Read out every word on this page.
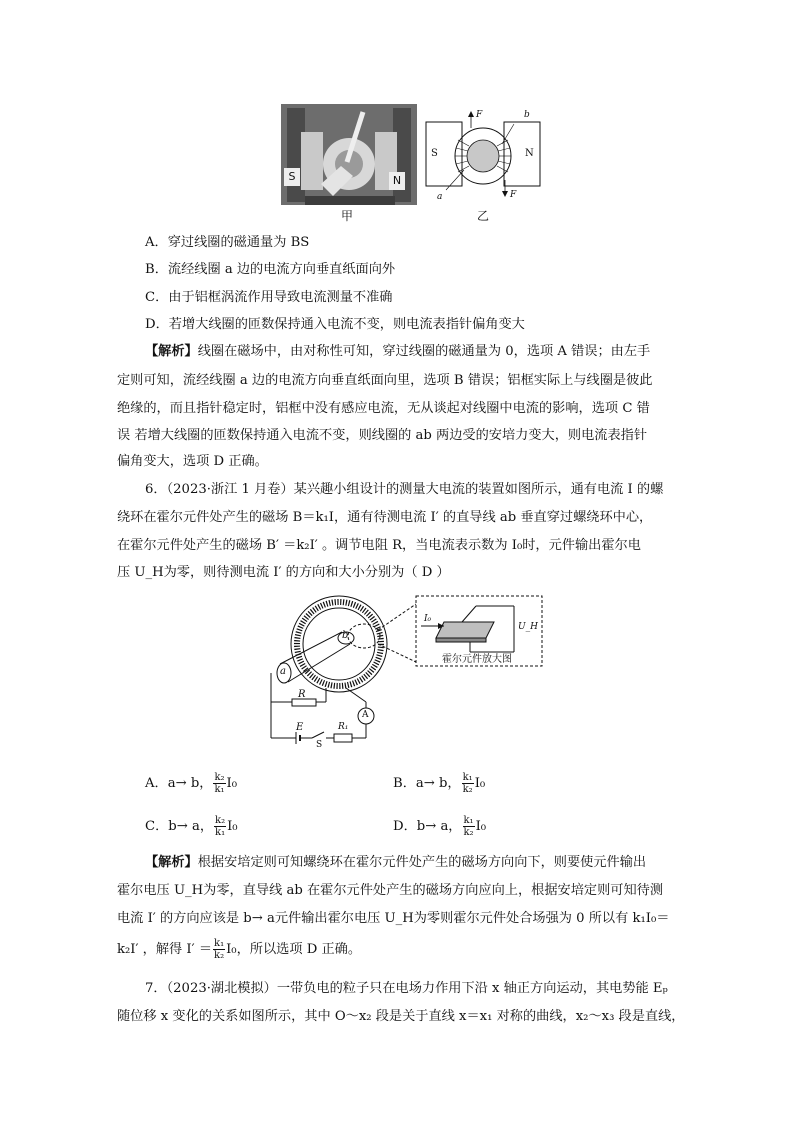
S	N
甲
S	N
F
F
a
b
乙
A．穿过线圈的磁通量为 BS
B．流经线圈 a 边的电流方向垂直纸面向外
C．由于铝框涡流作用导致电流测量不准确
D．若增大线圈的匝数保持通入电流不变，则电流表指针偏角变大
【解析】线圈在磁场中，由对称性可知，穿过线圈的磁通量为 0，选项 A 错误；由左手
定则可知，流经线圈 a 边的电流方向垂直纸面向里，选项 B 错误；铝框实际上与线圈是彼此
绝缘的，而且指针稳定时，铝框中没有感应电流，无从谈起对线圈中电流的影响，选项 C 错
误 若增大线圈的匝数保持通入电流不变，则线圈的 ab 两边受的安培力变大，则电流表指针
偏角变大，选项 D 正确。
6．（2023·浙江 1 月卷）某兴趣小组设计的测量大电流的装置如图所示，通有电流 I 的螺
绕环在霍尔元件处产生的磁场 B＝k₁I，通有待测电流 I′ 的直导线 ab 垂直穿过螺绕环中心，
在霍尔元件处产生的磁场 B′ ＝k₂I′ 。调节电阻 R，当电流表示数为 I₀时，元件输出霍尔电
压 U_H为零，则待测电流 I′ 的方向和大小分别为（ D ）
霍尔元件放大图
I₀
U_H
a
b
R
E
S
R₁
A
A．a→ b， $\frac{\text{k₂}}{\text{k₁}} I_0$	B．a→ b， $\frac{\text{k₁}}{\text{k₂}} I_0$
C．b→ a， $\frac{\text{k₂}}{\text{k₁}} I_0$	D．b→ a， $\frac{\text{k₁}}{\text{k₂}} I_0$
【解析】根据安培定则可知螺绕环在霍尔元件处产生的磁场方向向下，则要使元件输出
霍尔电压 U_H为零，直导线 ab 在霍尔元件处产生的磁场方向应向上，根据安培定则可知待测
电流 I′ 的方向应该是 b→ a元件输出霍尔电压 U_H为零则霍尔元件处合场强为 0 所以有 k₁I₀＝
k₂I′ ，解得 $I' = \frac{\text{k₁}}{\text{k₂}} I_0$，所以选项 D 正确。
7．（2023·湖北模拟）一带负电的粒子只在电场力作用下沿 x 轴正方向运动，其电势能 Eₚ
随位移 x 变化的关系如图所示，其中 O～x₂ 段是关于直线 x＝x₁ 对称的曲线，x₂～x₃ 段是直线，
